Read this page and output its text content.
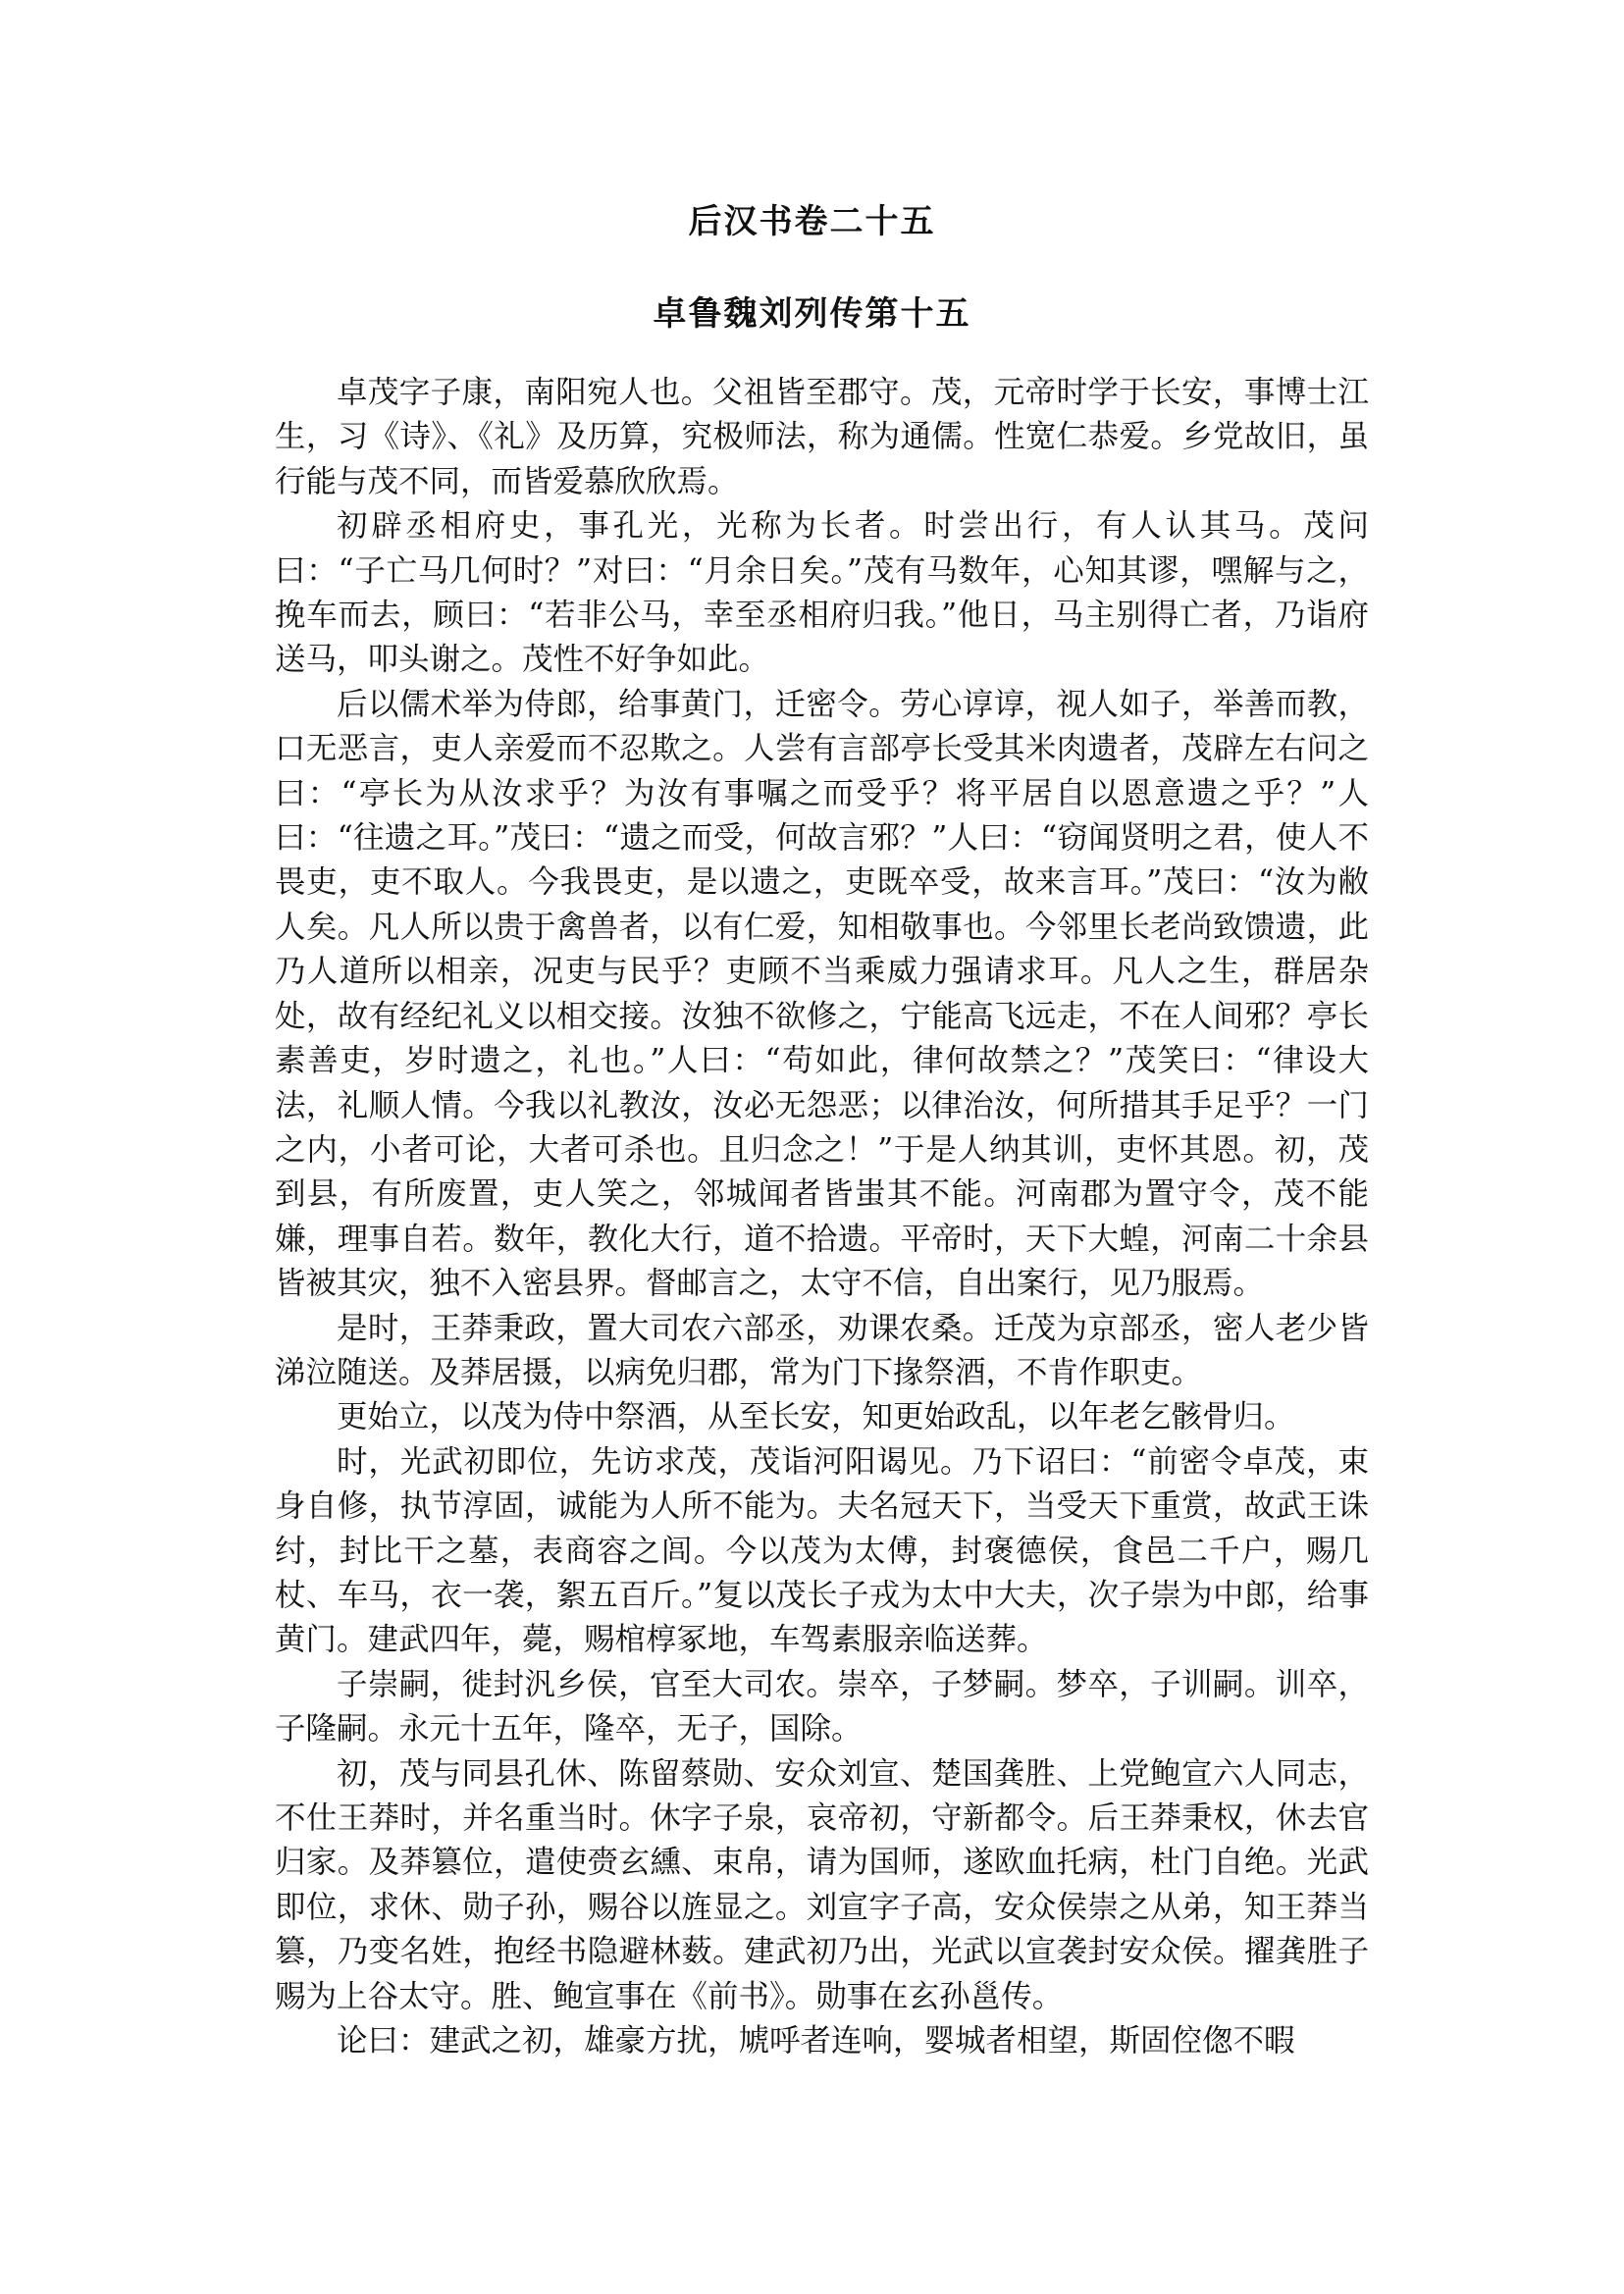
后汉书卷二十五
卓鲁魏刘列传第十五

卓茂字子康，南阳宛人也。父祖皆至郡守。茂，元帝时学于长安，事博士江生，习《诗》、《礼》及历算，究极师法，称为通儒。性宽仁恭爱。乡党故旧，虽行能与茂不同，而皆爱慕欣欣焉。

初辟丞相府史，事孔光，光称为长者。时尝出行，有人认其马。茂问曰：“子亡马几何时？”对曰：“月余日矣。”茂有马数年，心知其谬，嘿解与之，挽车而去，顾曰：“若非公马，幸至丞相府归我。”他日，马主别得亡者，乃诣府送马，叩头谢之。茂性不好争如此。

后以儒术举为侍郎，给事黄门，迁密令。劳心谆谆，视人如子，举善而教，口无恶言，吏人亲爱而不忍欺之。人尝有言部亭长受其米肉遗者，茂辟左右问之曰：“亭长为从汝求乎？为汝有事嘱之而受乎？将平居自以恩意遗之乎？”人曰：“往遗之耳。”茂曰：“遗之而受，何故言邪？”人曰：“窃闻贤明之君，使人不畏吏，吏不取人。今我畏吏，是以遗之，吏既卒受，故来言耳。”茂曰：“汝为敝人矣。凡人所以贵于禽兽者，以有仁爱，知相敬事也。今邻里长老尚致馈遗，此乃人道所以相亲，况吏与民乎？吏顾不当乘威力强请求耳。凡人之生，群居杂处，故有经纪礼义以相交接。汝独不欲修之，宁能高飞远走，不在人间邪？亭长素善吏，岁时遗之，礼也。”人曰：“苟如此，律何故禁之？”茂笑曰：“律设大法，礼顺人情。今我以礼教汝，汝必无怨恶；以律治汝，何所措其手足乎？一门之内，小者可论，大者可杀也。且归念之！”于是人纳其训，吏怀其恩。初，茂到县，有所废置，吏人笑之，邻城闻者皆蚩其不能。河南郡为置守令，茂不能嫌，理事自若。数年，教化大行，道不拾遗。平帝时，天下大蝗，河南二十余县皆被其灾，独不入密县界。督邮言之，太守不信，自出案行，见乃服焉。

是时，王莽秉政，置大司农六部丞，劝课农桑。迁茂为京部丞，密人老少皆涕泣随送。及莽居摄，以病免归郡，常为门下掾祭酒，不肯作职吏。

更始立，以茂为侍中祭酒，从至长安，知更始政乱，以年老乞骸骨归。

时，光武初即位，先访求茂，茂诣河阳谒见。乃下诏曰：“前密令卓茂，束身自修，执节淳固，诚能为人所不能为。夫名冠天下，当受天下重赏，故武王诛纣，封比干之墓，表商容之闾。今以茂为太傅，封褒德侯，食邑二千户，赐几杖、车马，衣一袭，絮五百斤。”复以茂长子戎为太中大夫，次子崇为中郎，给事黄门。建武四年，薨，赐棺椁冢地，车驾素服亲临送葬。

子崇嗣，徙封汎乡侯，官至大司农。崇卒，子梦嗣。梦卒，子训嗣。训卒，子隆嗣。永元十五年，隆卒，无子，国除。

初，茂与同县孔休、陈留蔡勋、安众刘宣、楚国龚胜、上党鲍宣六人同志，不仕王莽时，并名重当时。休字子泉，哀帝初，守新都令。后王莽秉权，休去官归家。及莽篡位，遣使赍玄纁、束帛，请为国师，遂欧血托病，杜门自绝。光武即位，求休、勋子孙，赐谷以旌显之。刘宣字子高，安众侯崇之从弟，知王莽当篡，乃变名姓，抱经书隐避林薮。建武初乃出，光武以宣袭封安众侯。擢龚胜子赐为上谷太守。胜、鲍宣事在《前书》。勋事在玄孙邕传。

论曰：建武之初，雄豪方扰，虓呼者连响，婴城者相望，斯固倥偬不暇
